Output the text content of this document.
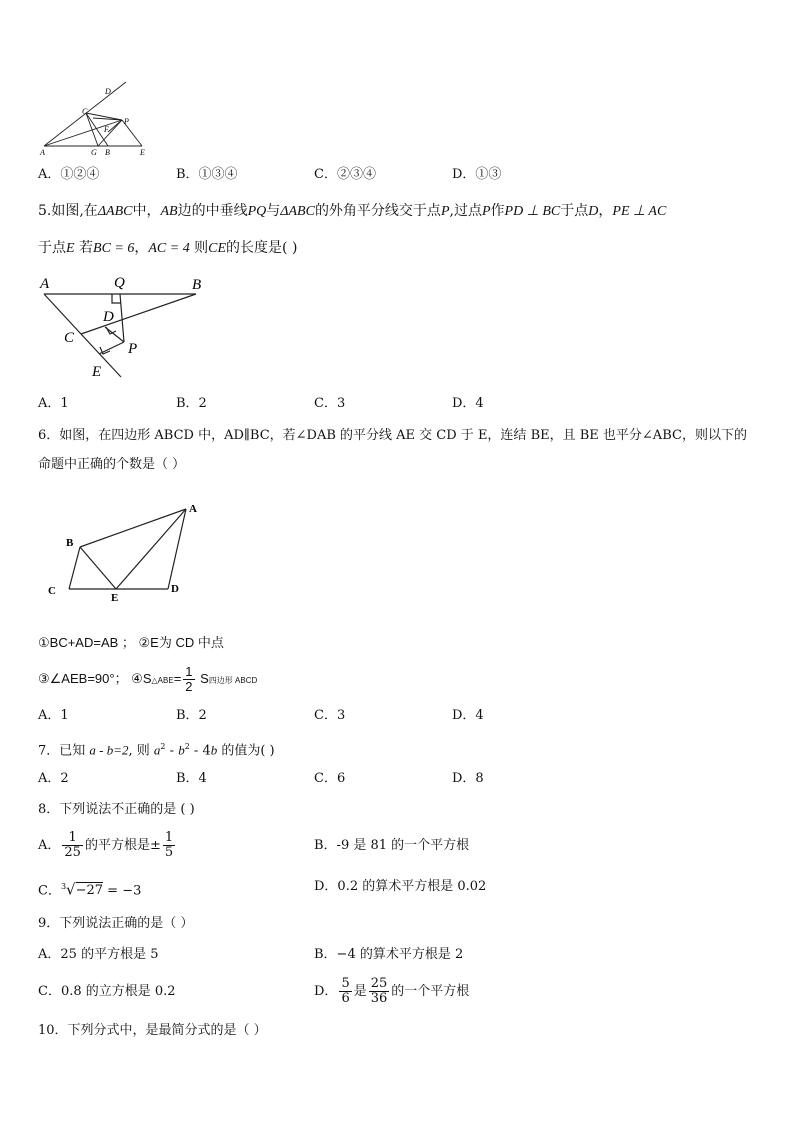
D
C
F
P
A	G B	E
A．①②④	B．①③④	C．②③④	D．①③
5.如图,在ΔABC中，AB边的中垂线PQ与ΔABC的外角平分线交于点P,过点P作PD ⊥ BC于点D，PE ⊥ AC
于点E 若BC = 6，AC = 4 则CE的长度是( )
A	Q	B
D
C
P
E
A．1	B．2	C．3	D．4
6．如图，在四边形 ABCD 中，AD∥BC，若∠DAB 的平分线 AE 交 CD 于 E，连结 BE，且 BE 也平分∠ABC，则以下的
命题中正确的个数是（ ）
A
B
C
E
D
①BC+AD=AB ； ②E为 CD 中点
③∠AEB=90°； ④S△ABE= $\frac{1}{2}$ S四边形 ABCD
A．1	B．2	C．3	D．4
7．已知 a - b=2, 则 $a^2 - b^2 - 4b$ 的值为( )
A．2	B．4	C．6	D．8
8．下列说法不正确的是 ( )
A． $\frac{1}{25}$ 的平方根是± $\frac{1}{5}$	B．-9 是 81 的一个平方根
C．$^3$√−27 = −3	D．0.2 的算术平方根是 0.02
9．下列说法正确的是（ ）
A．25 的平方根是 5	B．−4 的算术平方根是 2
C．0.8 的立方根是 0.2	D． $\frac{5}{6}$ 是 $\frac{25}{36}$ 的一个平方根
10．下列分式中，是最简分式的是（ ）
